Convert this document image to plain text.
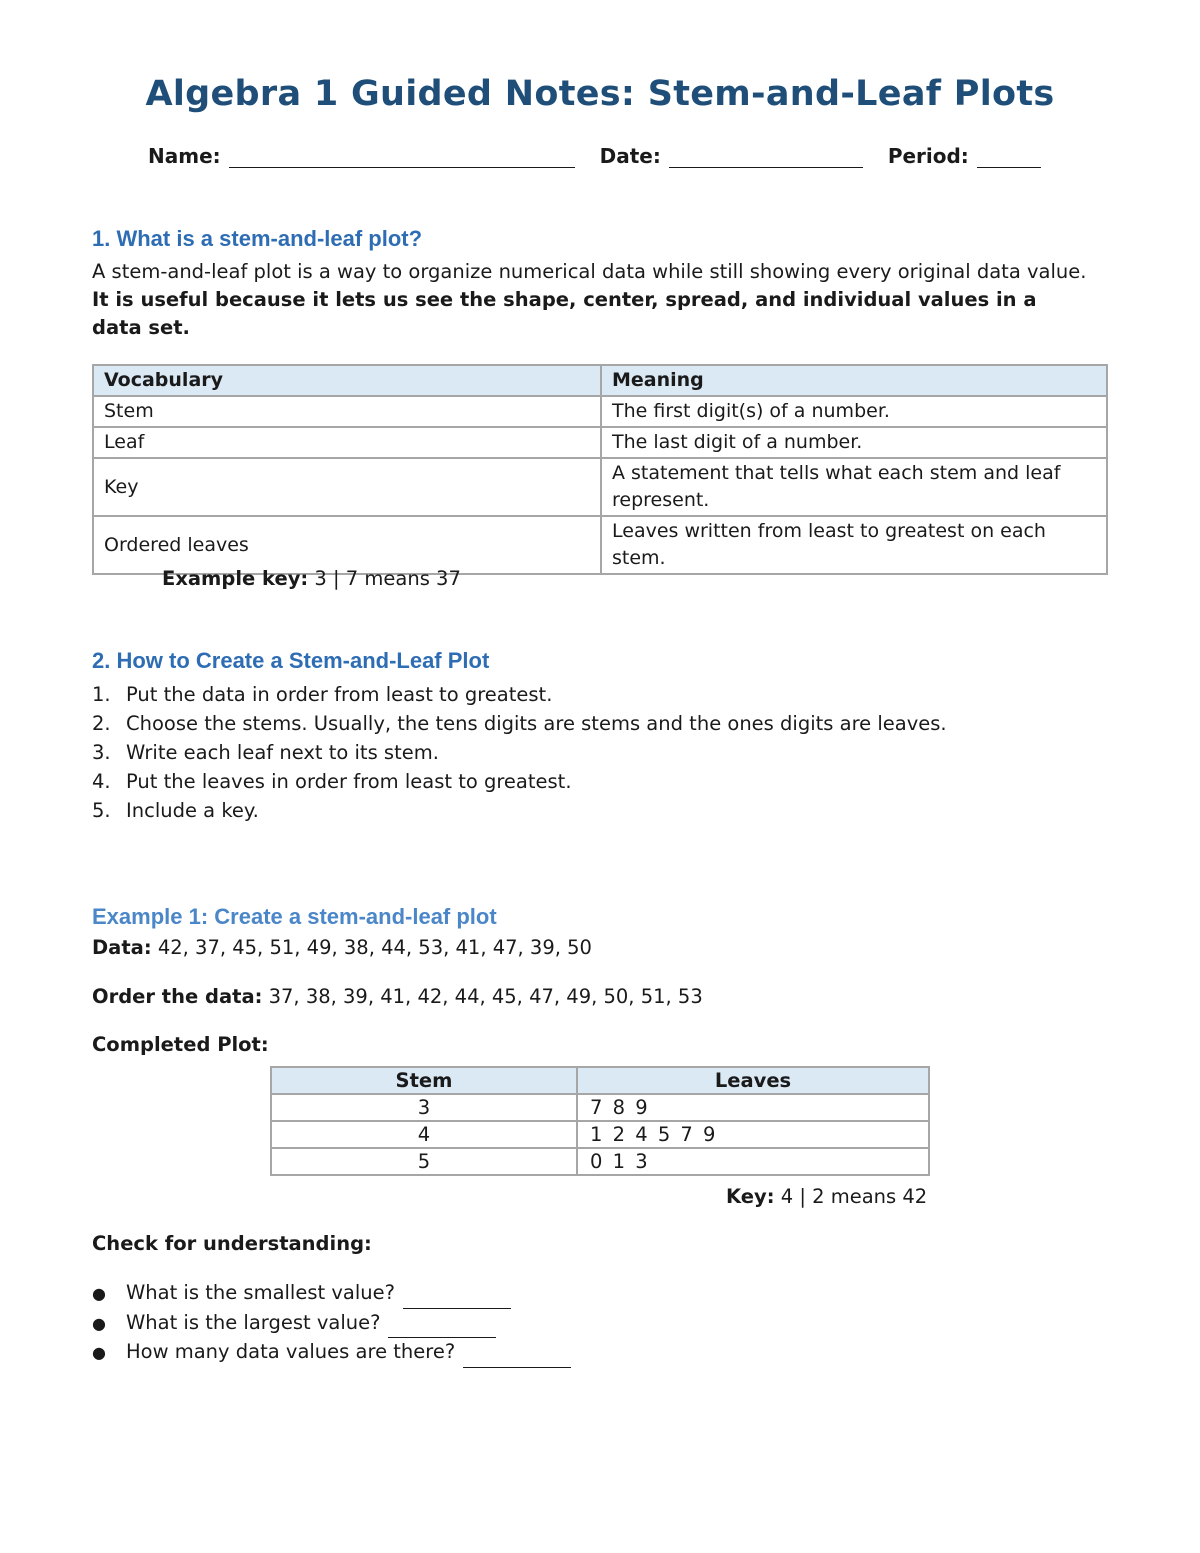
Algebra 1 Guided Notes: Stem-and-Leaf Plots
Name:	Date:	Period:
1. What is a stem-and-leaf plot?
A stem-and-leaf plot is a way to organize numerical data while still showing every original data value. It is useful because it lets us see the shape, center, spread, and individual values in a data set.
Vocabulary	Meaning
Stem	The first digit(s) of a number.
Leaf	The last digit of a number.
Key	A statement that tells what each stem and leaf represent.
Ordered leaves	Leaves written from least to greatest on each stem.
Example key: 3 | 7 means 37
2. How to Create a Stem-and-Leaf Plot
1. Put the data in order from least to greatest.
2. Choose the stems. Usually, the tens digits are stems and the ones digits are leaves.
3. Write each leaf next to its stem.
4. Put the leaves in order from least to greatest.
5. Include a key.
Example 1: Create a stem-and-leaf plot
Data: 42, 37, 45, 51, 49, 38, 44, 53, 41, 47, 39, 50
Order the data: 37, 38, 39, 41, 42, 44, 45, 47, 49, 50, 51, 53
Completed Plot:
Stem	Leaves
3	7 8 9
4	1 2 4 5 7 9
5	0 1 3
Key: 4 | 2 means 42
Check for understanding:
● What is the smallest value?
● What is the largest value?
● How many data values are there?
